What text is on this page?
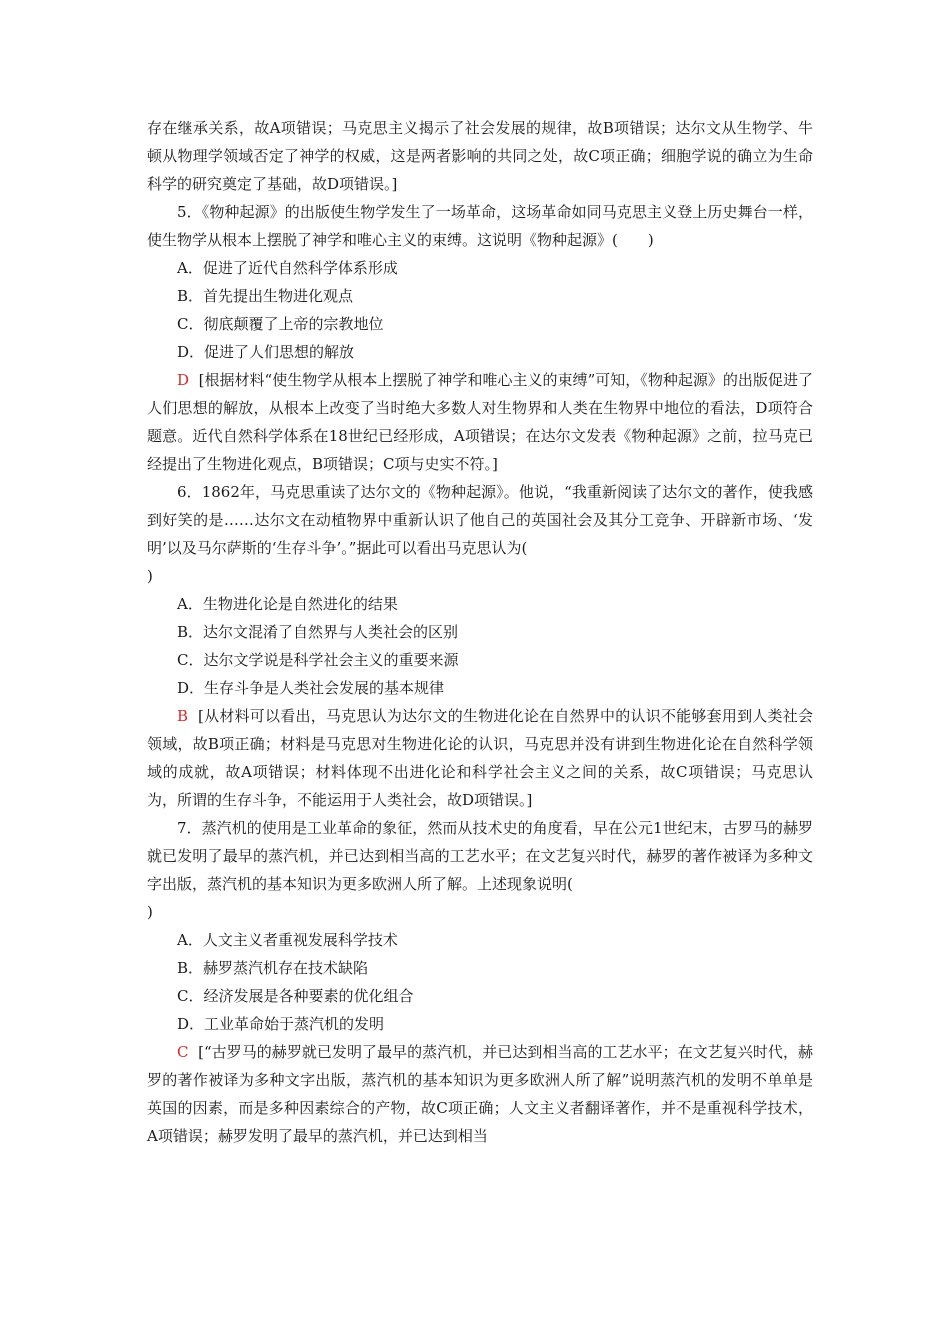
存在继承关系，故A项错误；马克思主义揭示了社会发展的规律，故B项错误；达尔文从生物学、牛顿从物理学领域否定了神学的权威，这是两者影响的共同之处，故C项正确；细胞学说的确立为生命科学的研究奠定了基础，故D项错误。]

5．《物种起源》的出版使生物学发生了一场革命，这场革命如同马克思主义登上历史舞台一样，使生物学从根本上摆脱了神学和唯心主义的束缚。这说明《物种起源》(　　)

A．促进了近代自然科学体系形成

B．首先提出生物进化观点

C．彻底颠覆了上帝的宗教地位

D．促进了人们思想的解放

D [根据材料“使生物学从根本上摆脱了神学和唯心主义的束缚”可知，《物种起源》的出版促进了人们思想的解放，从根本上改变了当时绝大多数人对生物界和人类在生物界中地位的看法，D项符合题意。近代自然科学体系在18世纪已经形成，A项错误；在达尔文发表《物种起源》之前，拉马克已经提出了生物进化观点，B项错误；C项与史实不符。]

6．1862年，马克思重读了达尔文的《物种起源》。他说，“我重新阅读了达尔文的著作，使我感到好笑的是……达尔文在动植物界中重新认识了他自己的英国社会及其分工竞争、开辟新市场、‘发明’以及马尔萨斯的‘生存斗争’。”据此可以看出马克思认为(

)

A．生物进化论是自然进化的结果

B．达尔文混淆了自然界与人类社会的区别

C．达尔文学说是科学社会主义的重要来源

D．生存斗争是人类社会发展的基本规律

B [从材料可以看出，马克思认为达尔文的生物进化论在自然界中的认识不能够套用到人类社会领域，故B项正确；材料是马克思对生物进化论的认识，马克思并没有讲到生物进化论在自然科学领域的成就，故A项错误；材料体现不出进化论和科学社会主义之间的关系，故C项错误；马克思认为，所谓的生存斗争，不能运用于人类社会，故D项错误。]

7．蒸汽机的使用是工业革命的象征，然而从技术史的角度看，早在公元1世纪末，古罗马的赫罗就已发明了最早的蒸汽机，并已达到相当高的工艺水平；在文艺复兴时代，赫罗的著作被译为多种文字出版，蒸汽机的基本知识为更多欧洲人所了解。上述现象说明(

)

A．人文主义者重视发展科学技术

B．赫罗蒸汽机存在技术缺陷

C．经济发展是各种要素的优化组合

D．工业革命始于蒸汽机的发明

C [“古罗马的赫罗就已发明了最早的蒸汽机，并已达到相当高的工艺水平；在文艺复兴时代，赫罗的著作被译为多种文字出版，蒸汽机的基本知识为更多欧洲人所了解”说明蒸汽机的发明不单单是英国的因素，而是多种因素综合的产物，故C项正确；人文主义者翻译著作，并不是重视科学技术，A项错误；赫罗发明了最早的蒸汽机，并已达到相当
